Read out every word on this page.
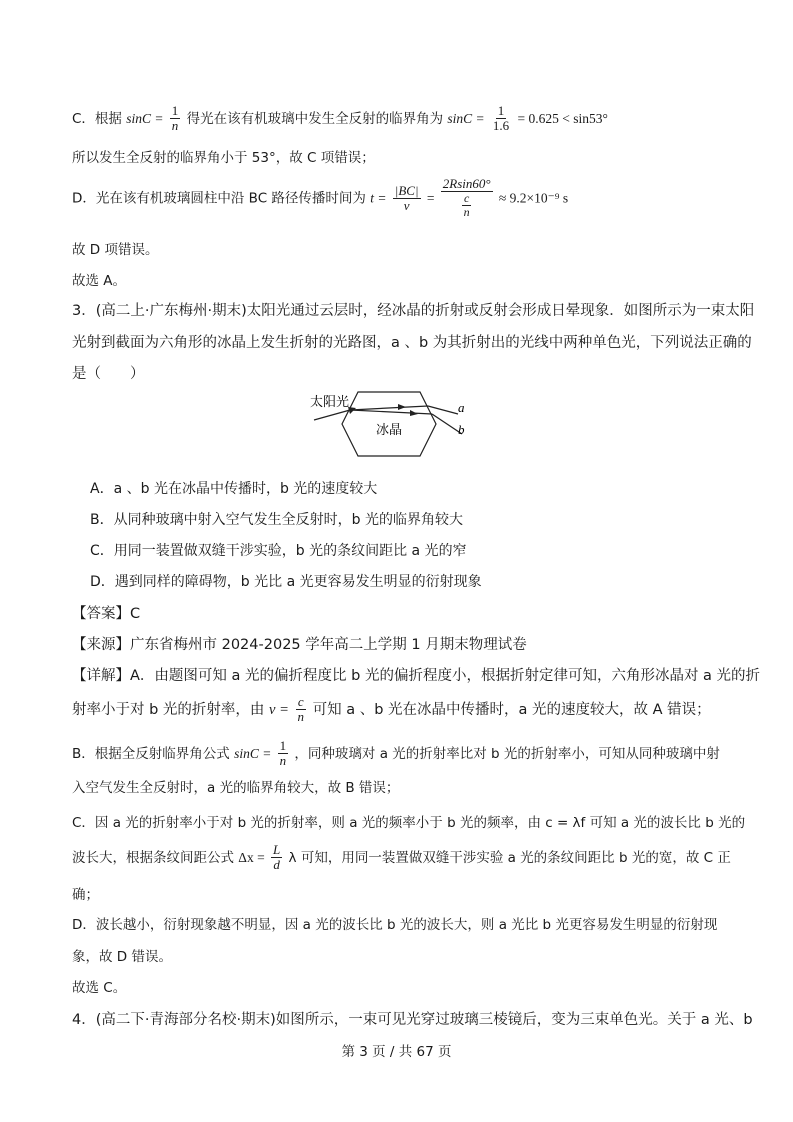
C．根据 $\sin C = \frac{1}{n}$ 得光在该有机玻璃中发生全反射的临界角为 $\sin C = \frac{1}{1.6} = 0.625 < \sin 53^\circ$
所以发生全反射的临界角小于 53°，故 C 项错误；
D．光在该有机玻璃圆柱中沿 BC 路径传播时间为 $t = \frac{|BC|}{v} = \frac{2Rsin60^\circ}{\frac{c}{n}} \approx 9.2\times 10^{-9}$ s
故 D 项错误。
故选 A。
3．(高二上·广东梅州·期末)太阳光通过云层时，经冰晶的折射或反射会形成日晕现象．如图所示为一束太阳
光射到截面为六角形的冰晶上发生折射的光路图，a 、b 为其折射出的光线中两种单色光，下列说法正确的
是（　　）
太阳光
冰晶
a
b
A．a 、b 光在冰晶中传播时，b 光的速度较大
B．从同种玻璃中射入空气发生全反射时，b 光的临界角较大
C．用同一装置做双缝干涉实验，b 光的条纹间距比 a 光的窄
D．遇到同样的障碍物，b 光比 a 光更容易发生明显的衍射现象
【答案】C
【来源】广东省梅州市 2024-2025 学年高二上学期 1 月期末物理试卷
【详解】A．由题图可知 a 光的偏折程度比 b 光的偏折程度小，根据折射定律可知，六角形冰晶对 a 光的折
射率小于对 b 光的折射率，由 $v = \frac{c}{n}$ 可知 a 、b 光在冰晶中传播时，a 光的速度较大，故 A 错误；
B．根据全反射临界角公式 $\sin C = \frac{1}{n}$ ，同种玻璃对 a 光的折射率比对 b 光的折射率小，可知从同种玻璃中射
入空气发生全反射时，a 光的临界角较大，故 B 错误；
C．因 a 光的折射率小于对 b 光的折射率，则 a 光的频率小于 b 光的频率，由 c = λf 可知 a 光的波长比 b 光的
波长大，根据条纹间距公式 $\Delta x = \frac{L}{d}$ λ 可知，用同一装置做双缝干涉实验 a 光的条纹间距比 b 光的宽，故 C 正
确；
D．波长越小，衍射现象越不明显，因 a 光的波长比 b 光的波长大，则 a 光比 b 光更容易发生明显的衍射现
象，故 D 错误。
故选 C。
4．(高二下·青海部分名校·期末)如图所示，一束可见光穿过玻璃三棱镜后，变为三束单色光。关于 a 光、b
第 3 页 / 共 67 页
